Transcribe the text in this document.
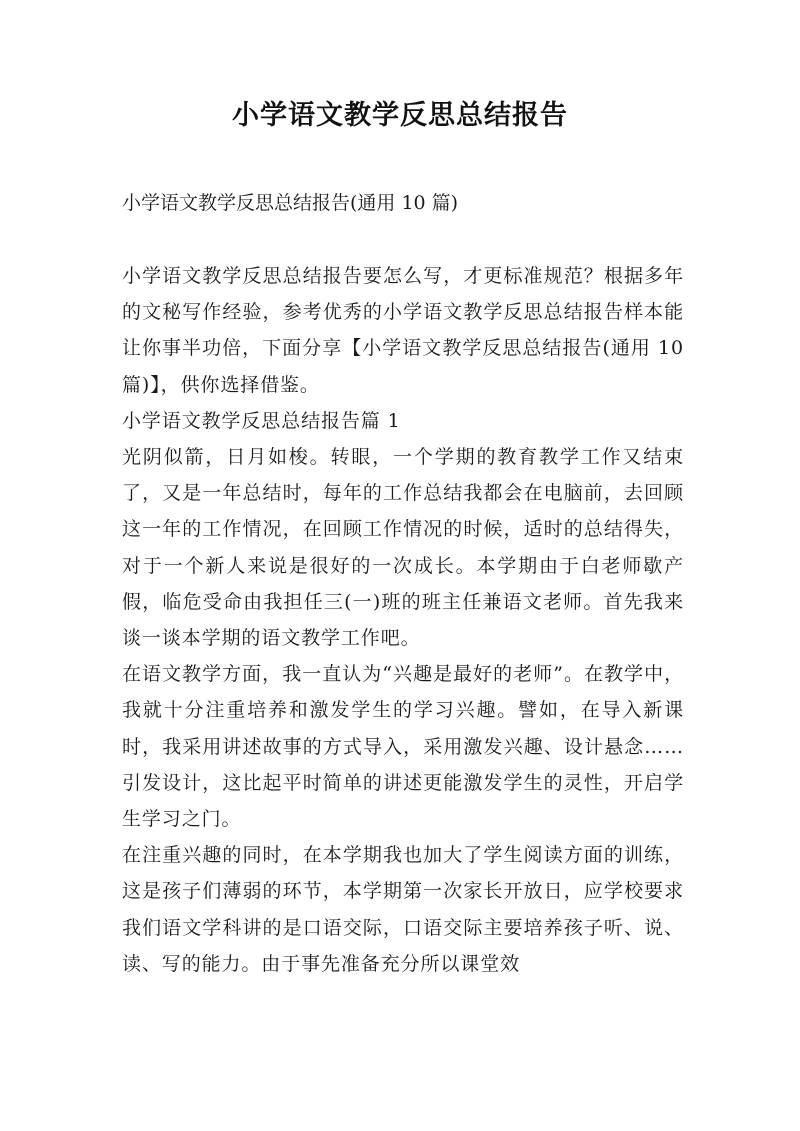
小学语文教学反思总结报告

小学语文教学反思总结报告(通用 10 篇)

小学语文教学反思总结报告要怎么写，才更标准规范？根据多年的文秘写作经验，参考优秀的小学语文教学反思总结报告样本能让你事半功倍，下面分享【小学语文教学反思总结报告(通用 10 篇)】，供你选择借鉴。

小学语文教学反思总结报告篇 1

光阴似箭，日月如梭。转眼，一个学期的教育教学工作又结束了，又是一年总结时，每年的工作总结我都会在电脑前，去回顾这一年的工作情况，在回顾工作情况的时候，适时的总结得失，对于一个新人来说是很好的一次成长。本学期由于白老师歇产假，临危受命由我担任三(一)班的班主任兼语文老师。首先我来谈一谈本学期的语文教学工作吧。

在语文教学方面，我一直认为“兴趣是最好的老师”。在教学中，我就十分注重培养和激发学生的学习兴趣。譬如，在导入新课时，我采用讲述故事的方式导入，采用激发兴趣、设计悬念……引发设计，这比起平时简单的讲述更能激发学生的灵性，开启学生学习之门。

在注重兴趣的同时，在本学期我也加大了学生阅读方面的训练，这是孩子们薄弱的环节，本学期第一次家长开放日，应学校要求我们语文学科讲的是口语交际，口语交际主要培养孩子听、说、读、写的能力。由于事先准备充分所以课堂效
